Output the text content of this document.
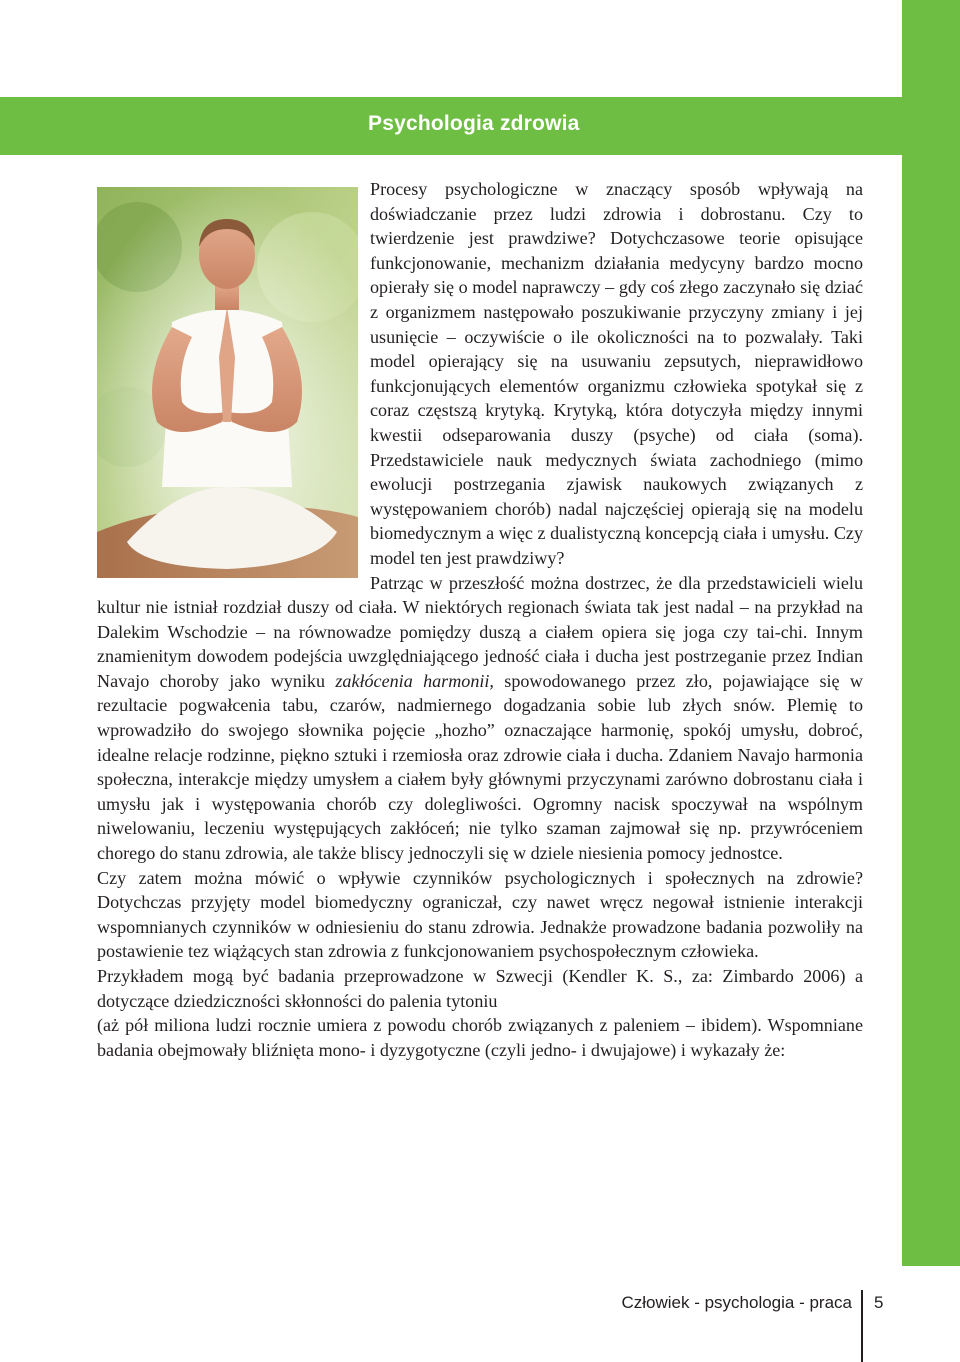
Psychologia zdrowia

Procesy psychologiczne w znaczący sposób wpływają na doświadczanie przez ludzi zdrowia i dobrostanu. Czy to twierdzenie jest prawdziwe? Dotychczasowe teorie opisujące funkcjonowanie, mechanizm działania medycyny bardzo mocno opierały się o model naprawczy – gdy coś złego zaczynało się dziać z organizmem następowało poszukiwanie przyczyny zmiany i jej usunięcie – oczywiście o ile okoliczności na to pozwalały. Taki model opierający się na usuwaniu zepsutych, nieprawidłowo funkcjonujących elementów organizmu człowieka spotykał się z coraz częstszą krytyką. Krytyką, która dotyczyła między innymi kwestii odseparowania duszy (psyche) od ciała (soma). Przedstawiciele nauk medycznych świata zachodniego (mimo ewolucji postrzegania zjawisk naukowych związanych z występowaniem chorób) nadal najczęściej opierają się na modelu biomedycznym a więc z dualistyczną koncepcją ciała i umysłu. Czy model ten jest prawdziwy?

Patrząc w przeszłość można dostrzec, że dla przedstawicieli wielu kultur nie istniał rozdział duszy od ciała. W niektórych regionach świata tak jest nadal – na przykład na Dalekim Wschodzie – na równowadze pomiędzy duszą a ciałem opiera się joga czy tai-chi. Innym znamienitym dowodem podejścia uwzględniającego jedność ciała i ducha jest postrzeganie przez Indian Navajo choroby jako wyniku zakłócenia harmonii, spowodowanego przez zło, pojawiające się w rezultacie pogwałcenia tabu, czarów, nadmiernego dogadzania sobie lub złych snów. Plemię to wprowadziło do swojego słownika pojęcie „hozho” oznaczające harmonię, spokój umysłu, dobroć, idealne relacje rodzinne, piękno sztuki i rzemiosła oraz zdrowie ciała i ducha. Zdaniem Navajo harmonia społeczna, interakcje między umysłem a ciałem były głównymi przyczynami zarówno dobrostanu ciała i umysłu jak i występowania chorób czy dolegliwości. Ogromny nacisk spoczywał na wspólnym niwelowaniu, leczeniu występujących zakłóceń; nie tylko szaman zajmował się np. przywróceniem chorego do stanu zdrowia, ale także bliscy jednoczyli się w dziele niesienia pomocy jednostce.

Czy zatem można mówić o wpływie czynników psychologicznych i społecznych na zdrowie? Dotychczas przyjęty model biomedyczny ograniczał, czy nawet wręcz negował istnienie interakcji wspomnianych czynników w odniesieniu do stanu zdrowia. Jednakże prowadzone badania pozwoliły na postawienie tez wiążących stan zdrowia z funkcjonowaniem psychospołecznym człowieka.

Przykładem mogą być badania przeprowadzone w Szwecji (Kendler K. S., za: Zimbardo 2006) a dotyczące dziedziczności skłonności do palenia tytoniu

(aż pół miliona ludzi rocznie umiera z powodu chorób związanych z paleniem – ibidem). Wspomniane badania obejmowały bliźnięta mono- i dyzygotyczne (czyli jedno- i dwujajowe) i wykazały że:

Człowiek - psychologia - praca 5
